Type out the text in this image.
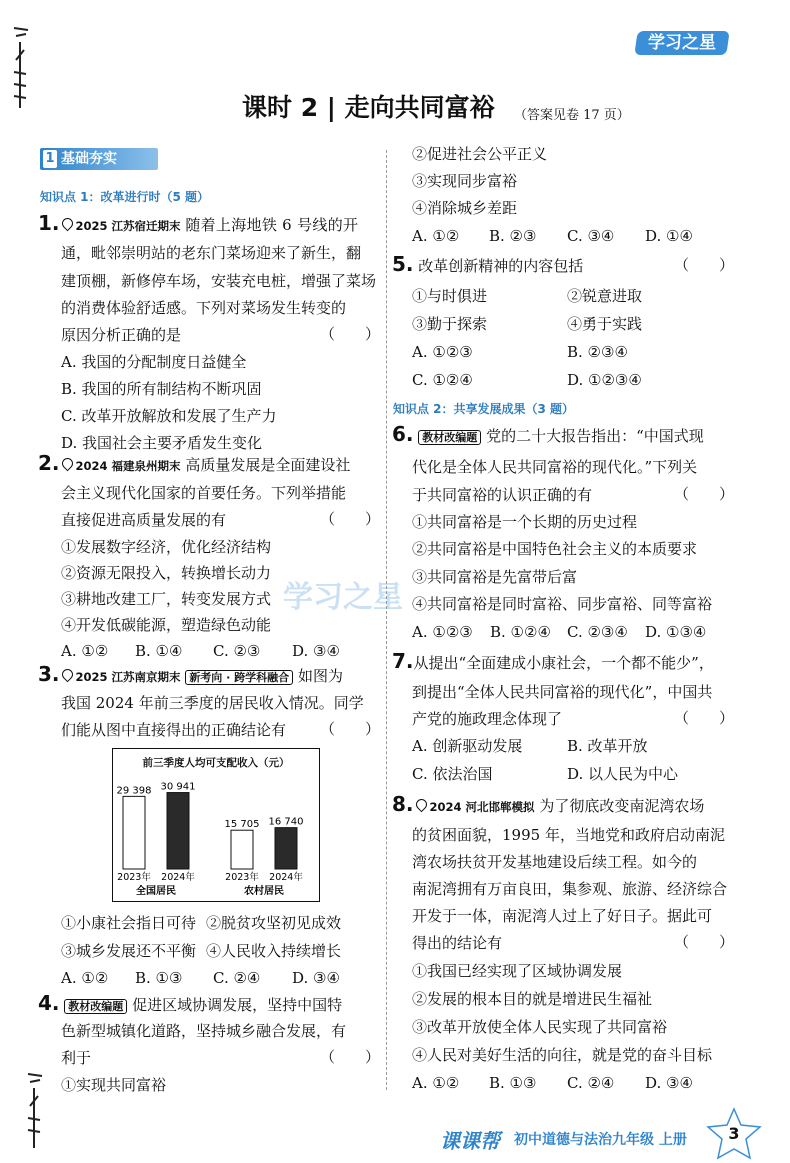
学习之星
课时 2 | 走向共同富裕 （答案见卷 17 页）
1 基础夯实
学习之星
知识点 1：改革进行时（5 题）
1. 2025 江苏宿迁期末 随着上海地铁 6 号线的开
通，毗邻崇明站的老东门菜场迎来了新生，翻
建顶棚，新修停车场，安装充电桩，增强了菜场
的消费体验舒适感。下列对菜场发生转变的
原因分析正确的是	（　　）
A. 我国的分配制度日益健全
B. 我国的所有制结构不断巩固
C. 改革开放解放和发展了生产力
D. 我国社会主要矛盾发生变化
2. 2024 福建泉州期末 高质量发展是全面建设社
会主义现代化国家的首要任务。下列举措能
直接促进高质量发展的有	（　　）
①发展数字经济，优化经济结构
②资源无限投入，转换增长动力
③耕地改建工厂，转变发展方式
④开发低碳能源，塑造绿色动能
A. ①② B. ①④ C. ②③ D. ③④
3. 2025 江苏南京期末 新考向 · 跨学科融合 如图为
我国 2024 年前三季度的居民收入情况。同学
们能从图中直接得出的正确结论有 （　　）
前三季度人均可支配收入（元）
29 398
2023年
30 941
2024年
全国居民
15 705
2023年
16 740
2024年
农村居民
①小康社会指日可待 ②脱贫攻坚初见成效
③城乡发展还不平衡 ④人民收入持续增长
A. ①② B. ①③ C. ②④ D. ③④
4. 教材改编题 促进区域协调发展，坚持中国特
色新型城镇化道路，坚持城乡融合发展，有
利于	（　　）
①实现共同富裕
②促进社会公平正义
③实现同步富裕
④消除城乡差距
A. ①② B. ②③ C. ③④ D. ①④
5. 改革创新精神的内容包括	（　　）
①与时俱进	②锐意进取
③勤于探索	④勇于实践
A. ①②③	B. ②③④
C. ①②④	D. ①②③④
知识点 2：共享发展成果（3 题）
6. 教材改编题 党的二十大报告指出：“中国式现
代化是全体人民共同富裕的现代化。”下列关
于共同富裕的认识正确的有	（　　）
①共同富裕是一个长期的历史过程
②共同富裕是中国特色社会主义的本质要求
③共同富裕是先富带后富
④共同富裕是同时富裕、同步富裕、同等富裕
A. ①②③ B. ①②④ C. ②③④ D. ①③④
7.从提出“全面建成小康社会，一个都不能少”，
到提出“全体人民共同富裕的现代化”，中国共
产党的施政理念体现了	（　　）
A. 创新驱动发展	B. 改革开放
C. 依法治国	D. 以人民为中心
8. 2024 河北邯郸模拟 为了彻底改变南泥湾农场
的贫困面貌，1995 年，当地党和政府启动南泥
湾农场扶贫开发基地建设后续工程。如今的
南泥湾拥有万亩良田，集参观、旅游、经济综合
开发于一体，南泥湾人过上了好日子。据此可
得出的结论有	（　　）
①我国已经实现了区域协调发展
②发展的根本目的就是增进民生福祉
③改革开放使全体人民实现了共同富裕
④人民对美好生活的向往，就是党的奋斗目标
A. ①② B. ①③ C. ②④ D. ③④
课课帮 初中道德与法治九年级 上册	3
